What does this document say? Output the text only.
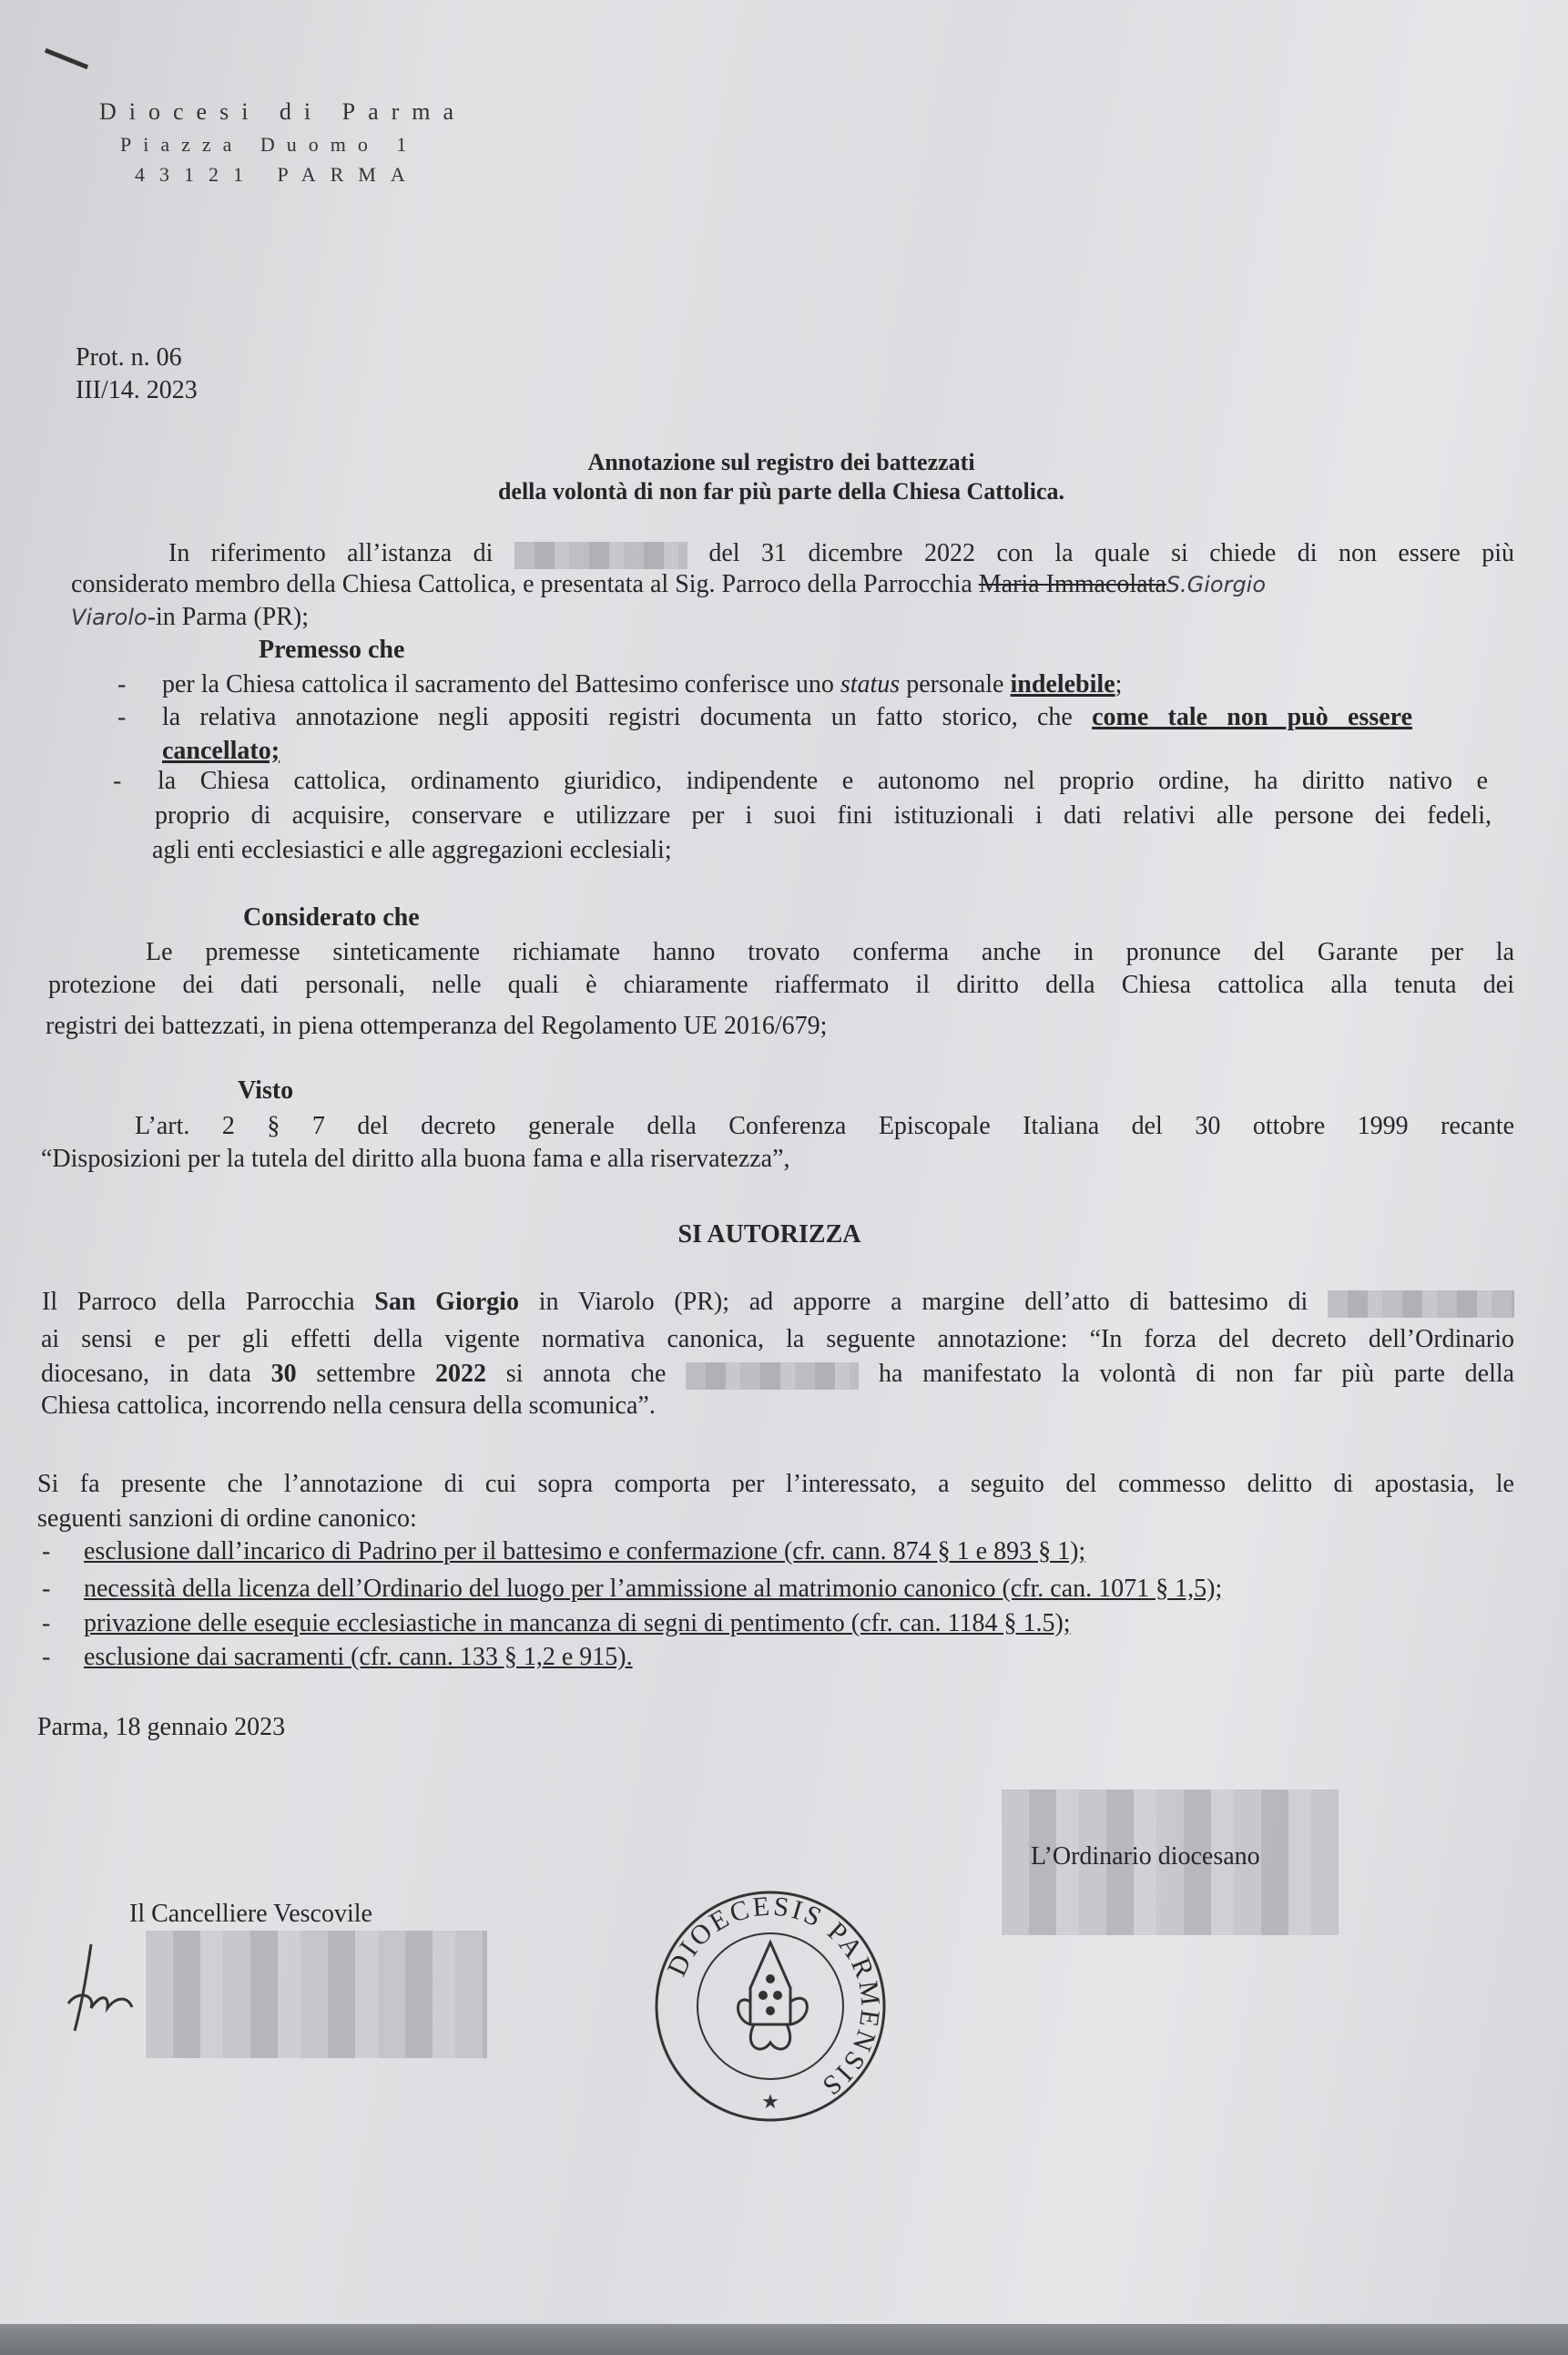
Diocesi di Parma
Piazza Duomo 1
43121 PARMA
Prot. n. 06
III/14. 2023
Annotazione sul registro dei battezzati
della volontà di non far più parte della Chiesa Cattolica.
In riferimento all’istanza di	del 31 dicembre 2022 con la quale si chiede di non essere più
considerato membro della Chiesa Cattolica, e presentata al Sig. Parroco della Parrocchia Maria ImmacolataS.Giorgio
Viarolo-in Parma (PR);
Premesso che
- per la Chiesa cattolica il sacramento del Battesimo conferisce uno status personale indelebile;
- la relativa annotazione negli appositi registri documenta un fatto storico, che come tale non può essere
cancellato;
- la Chiesa cattolica, ordinamento giuridico, indipendente e autonomo nel proprio ordine, ha diritto nativo e
proprio di acquisire, conservare e utilizzare per i suoi fini istituzionali i dati relativi alle persone dei fedeli,
agli enti ecclesiastici e alle aggregazioni ecclesiali;
Considerato che
Le premesse sinteticamente richiamate hanno trovato conferma anche in pronunce del Garante per la
protezione dei dati personali, nelle quali è chiaramente riaffermato il diritto della Chiesa cattolica alla tenuta dei
registri dei battezzati, in piena ottemperanza del Regolamento UE 2016/679;
Visto
L’art. 2 § 7 del decreto generale della Conferenza Episcopale Italiana del 30 ottobre 1999 recante
“Disposizioni per la tutela del diritto alla buona fama e alla riservatezza”,
SI AUTORIZZA
Il Parroco della Parrocchia San Giorgio in Viarolo (PR); ad apporre a margine dell’atto di battesimo di
ai sensi e per gli effetti della vigente normativa canonica, la seguente annotazione: “In forza del decreto dell’Ordinario
diocesano, in data 30 settembre 2022 si annota che	ha manifestato la volontà di non far più parte della
Chiesa cattolica, incorrendo nella censura della scomunica”.
Si fa presente che l’annotazione di cui sopra comporta per l’interessato, a seguito del commesso delitto di apostasia, le
seguenti sanzioni di ordine canonico:
- esclusione dall’incarico di Padrino per il battesimo e confermazione (cfr. cann. 874 § 1 e 893 § 1);
- necessità della licenza dell’Ordinario del luogo per l’ammissione al matrimonio canonico (cfr. can. 1071 § 1,5);
- privazione delle esequie ecclesiastiche in mancanza di segni di pentimento (cfr. can. 1184 § 1.5);
- esclusione dai sacramenti (cfr. cann. 133 § 1,2 e 915).
Parma, 18 gennaio 2023
L’Ordinario diocesano
Il Cancelliere Vescovile
DIOECESIS PARMENSIS
★
